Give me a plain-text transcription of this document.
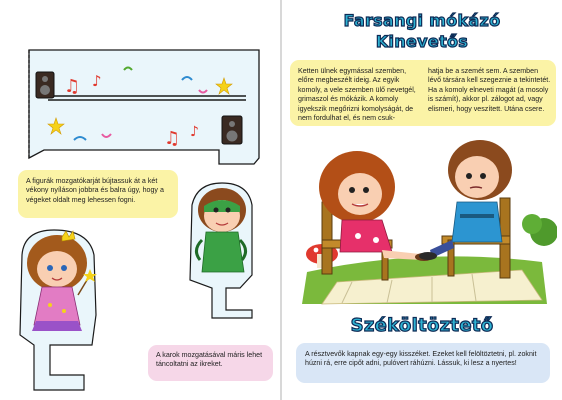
♫ ♪
♫ ♪
A figurák mozgatókarját bújtassuk át a két vékony nyíláson jobbra és balra úgy, hogy a végeket oldalt meg lehessen fogni.
A karok mozgatásával máris lehet táncoltatni az ikreket.
Farsangi mókázó
Kinevetős
Ketten ülnek egymással szemben, előre megbeszélt ideig. Az egyik komoly, a vele szemben ülő nevetgél, grimaszol és mókázik. A komoly igyekszik megőrizni komolyságát, de nem fordulhat el, és nem csuk-
hatja be a szemét sem. A szemben lévő társára kell szegeznie a tekintetét. Ha a komoly elneveti magát (a mosoly is számít), akkor pl. zálogot ad, vagy elismeri, hogy veszített. Utána csere.
Széköltöztető
A résztvevők kapnak egy-egy kisszéket. Ezeket kell felöltöztetni, pl. zoknit húzni rá, erre cipőt adni, pulóvert ráhúzni. Lássuk, ki lesz a nyertes!
